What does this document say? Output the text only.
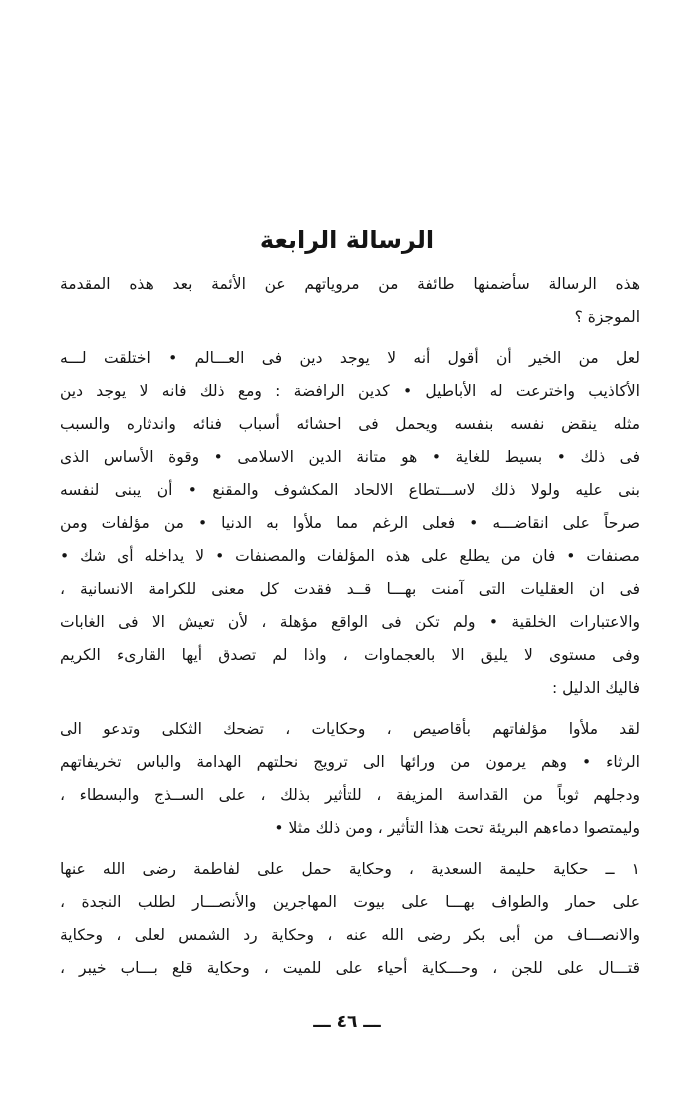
الرسالة الرابعة
هذه الرسالة سأضمنها طائفة من مروياتهم عن الأئمة بعد هذه المقدمة
الموجزة ؟
لعل من الخير أن أقول أنه لا يوجد دين فى العـــالم • اختلقت لـــه
الأكاذيب واخترعت له الأباطيل • كدين الرافضة : ومع ذلك فانه لا يوجد دين
مثله ينقض نفسه بنفسه ويحمل فى احشائه أسباب فنائه واندثاره والسبب
فى ذلك • بسيط للغاية • هو متانة الدين الاسلامى • وقوة الأساس الذى
بنى عليه ولولا ذلك لاســـتطاع الالحاد المكشوف والمقنع • أن يبنى لنفسه
صرحاً على انقاضـــه • فعلى الرغم مما ملأوا به الدنيا • من مؤلفات ومن
مصنفات • فان من يطلع على هذه المؤلفات والمصنفات • لا يداخله أى شك •
فى ان العقليات التى آمنت بهـــا قــد فقدت كل معنى للكرامة الانسانية ،
والاعتبارات الخلقية • ولم تكن فى الواقع مؤهلة ، لأن تعيش الا فى الغابات
وفى مستوى لا يليق الا بالعجماوات ، واذا لم تصدق أيها القارىء الكريم
فاليك الدليل :
لقد ملأوا مؤلفاتهم بأقاصيص ، وحكايات ، تضحك الثكلى وتدعو الى
الرثاء • وهم يرمون من ورائها الى ترويج نحلتهم الهدامة والباس تخريفاتهم
ودجلهم ثوباً من القداسة المزيفة ، للتأثير بذلك ، على الســذج والبسطاء ،
وليمتصوا دماءهم البريئة تحت هذا التأثير ، ومن ذلك مثلا •
١ ــ حكاية حليمة السعدية ، وحكاية حمل على لفاطمة رضى الله عنها
على حمار والطواف بهـــا على بيوت المهاجرين والأنصـــار لطلب النجدة ،
والانصـــاف من أبى بكر رضى الله عنه ، وحكاية رد الشمس لعلى ، وحكاية
قتـــال على للجن ، وحـــكاية أحياء على للميت ، وحكاية قلع بـــاب خيبر ،

ـــ ٤٦ ـــ
